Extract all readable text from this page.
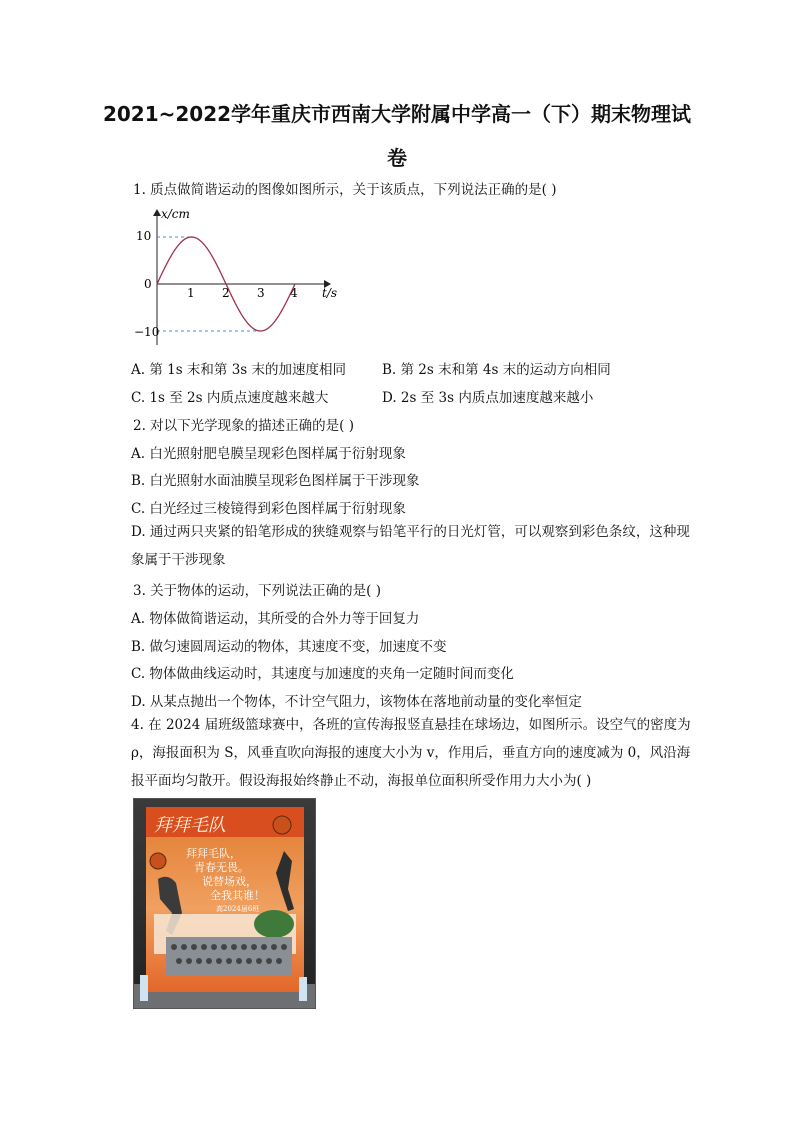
2021~2022学年重庆市西南大学附属中学高一（下）期末物理试
卷
1. 质点做简谐运动的图像如图所示，关于该质点，下列说法正确的是( )
x/cm
t/s
10
0
−10
1 2 3 4
A. 第 1s 末和第 3s 末的加速度相同	B. 第 2s 末和第 4s 末的运动方向相同
C. 1s 至 2s 内质点速度越来越大	D. 2s 至 3s 内质点加速度越来越小
2. 对以下光学现象的描述正确的是( )
A. 白光照射肥皂膜呈现彩色图样属于衍射现象
B. 白光照射水面油膜呈现彩色图样属于干涉现象
C. 白光经过三棱镜得到彩色图样属于衍射现象
D. 通过两只夹紧的铅笔形成的狭缝观察与铅笔平行的日光灯管，可以观察到彩色条纹，这种现象属于干涉现象
3. 关于物体的运动，下列说法正确的是( )
A. 物体做简谐运动，其所受的合外力等于回复力
B. 做匀速圆周运动的物体，其速度不变，加速度不变
C. 物体做曲线运动时，其速度与加速度的夹角一定随时间而变化
D. 从某点抛出一个物体，不计空气阻力，该物体在落地前动量的变化率恒定
4. 在 2024 届班级篮球赛中，各班的宣传海报竖直悬挂在球场边，如图所示。设空气的密度为ρ，海报面积为 S，风垂直吹向海报的速度大小为 v，作用后，垂直方向的速度减为 0，风沿海报平面均匀散开。假设海报始终静止不动，海报单位面积所受作用力大小为( )
拜拜毛队
拜拜毛队，
青春无畏。
说替场戏，
全我其谁！
高2024届6班
